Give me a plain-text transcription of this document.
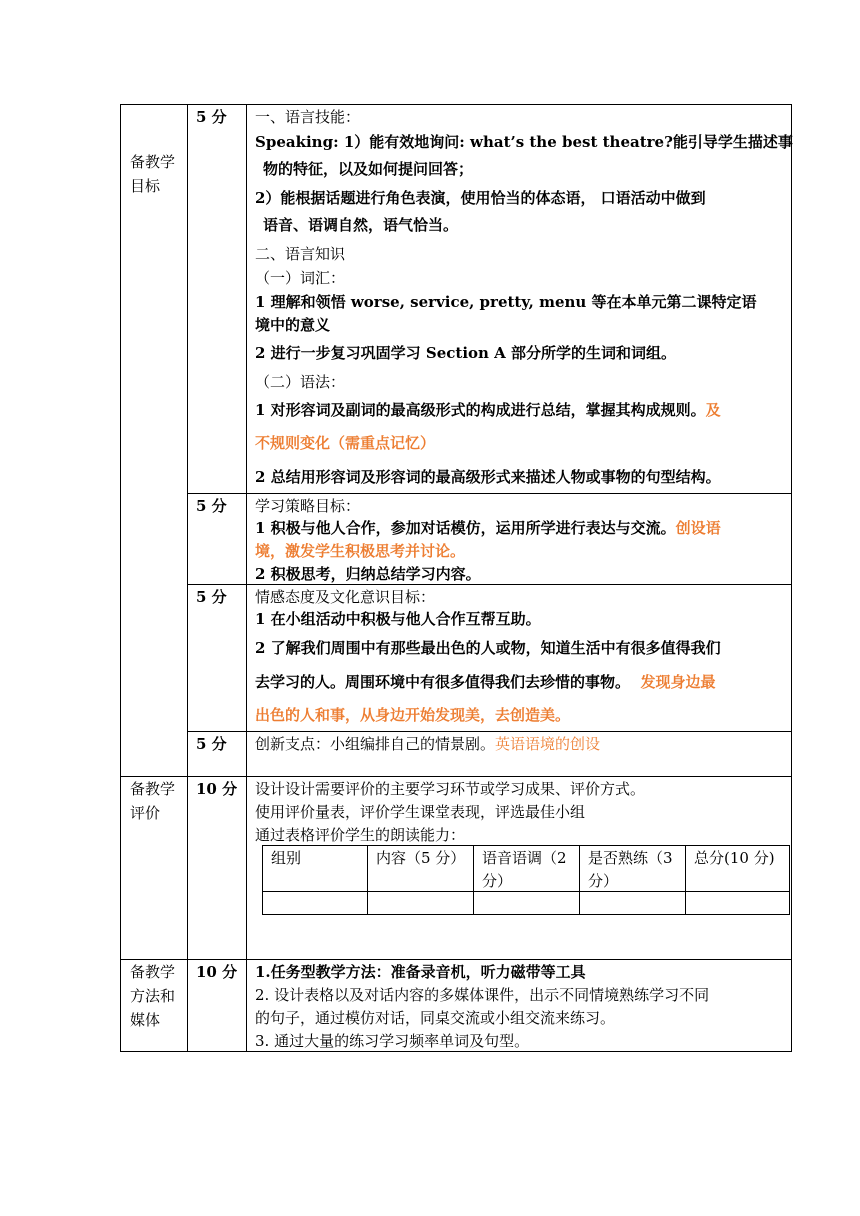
备教学
目标
备教学
评价
备教学
方法和
媒体
5 分
5 分
5 分
5 分
10 分
10 分
一、语言技能：
Speaking: 1）能有效地询问: what’s the best theatre?能引导学生描述事
物的特征，以及如何提问回答；
2）能根据话题进行角色表演，使用恰当的体态语， 口语活动中做到
语音、语调自然，语气恰当。
二、语言知识
（一）词汇：
1 理解和领悟 worse, service, pretty, menu 等在本单元第二课特定语
境中的意义
2 进行一步复习巩固学习 Section A 部分所学的生词和词组。
（二）语法：
1 对形容词及副词的最高级形式的构成进行总结，掌握其构成规则。及
不规则变化（需重点记忆）
2 总结用形容词及形容词的最高级形式来描述人物或事物的句型结构。
学习策略目标：
1 积极与他人合作，参加对话模仿，运用所学进行表达与交流。创设语
境，激发学生积极思考并讨论。
2 积极思考，归纳总结学习内容。
情感态度及文化意识目标：
1 在小组活动中积极与他人合作互帮互助。
2 了解我们周围中有那些最出色的人或物，知道生活中有很多值得我们
去学习的人。周围环境中有很多值得我们去珍惜的事物。 发现身边最
出色的人和事，从身边开始发现美，去创造美。
创新支点：小组编排自己的情景剧。英语语境的创设
设计设计需要评价的主要学习环节或学习成果、评价方式。
使用评价量表，评价学生课堂表现，评选最佳小组
通过表格评价学生的朗读能力：
组别	内容（5 分） 语音语调（2
分）
是否熟练（3
分）
总分(10 分)
1.任务型教学方法：准备录音机，听力磁带等工具
2. 设计表格以及对话内容的多媒体课件，出示不同情境熟练学习不同
的句子，通过模仿对话，同桌交流或小组交流来练习。
3. 通过大量的练习学习频率单词及句型。
